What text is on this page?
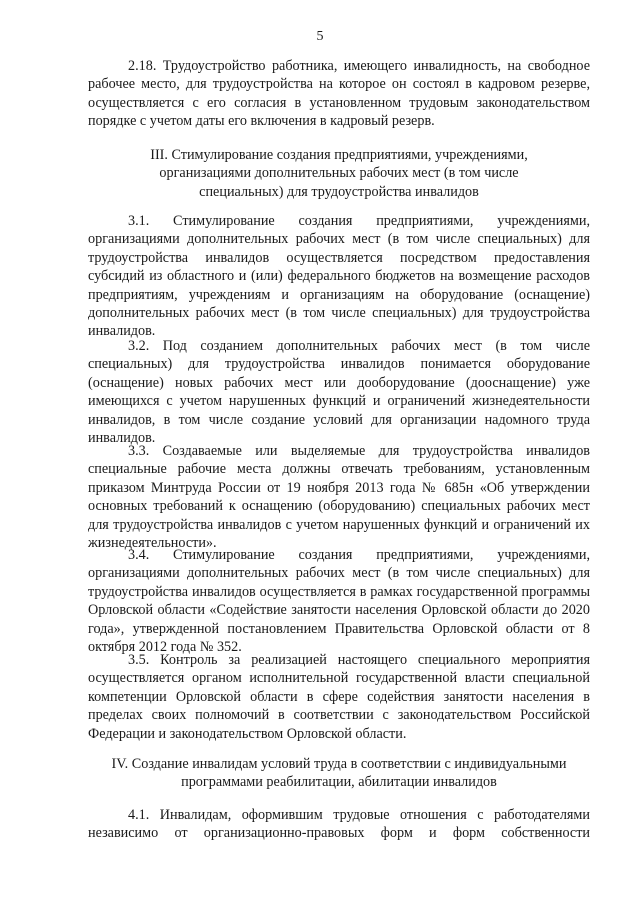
5

2.18. Трудоустройство работника, имеющего инвалидность, на свободное рабочее место, для трудоустройства на которое он состоял в кадровом резерве, осуществляется с его согласия в установленном трудовым законодательством порядке с учетом даты его включения в кадровый резерв.

III. Стимулирование создания предприятиями, учреждениями, организациями дополнительных рабочих мест (в том числе специальных) для трудоустройства инвалидов

3.1. Стимулирование создания предприятиями, учреждениями, организациями дополнительных рабочих мест (в том числе специальных) для трудоустройства инвалидов осуществляется посредством предоставления субсидий из областного и (или) федерального бюджетов на возмещение расходов предприятиям, учреждениям и организациям на оборудование (оснащение) дополнительных рабочих мест (в том числе специальных) для трудоустройства инвалидов.

3.2. Под созданием дополнительных рабочих мест (в том числе специальных) для трудоустройства инвалидов понимается оборудование (оснащение) новых рабочих мест или дооборудование (дооснащение) уже имеющихся с учетом нарушенных функций и ограничений жизнедеятельности инвалидов, в том числе создание условий для организации надомного труда инвалидов.

3.3. Создаваемые или выделяемые для трудоустройства инвалидов специальные рабочие места должны отвечать требованиям, установленным приказом Минтруда России от 19 ноября 2013 года № 685н «Об утверждении основных требований к оснащению (оборудованию) специальных рабочих мест для трудоустройства инвалидов с учетом нарушенных функций и ограничений их жизнедеятельности».

3.4. Стимулирование создания предприятиями, учреждениями, организациями дополнительных рабочих мест (в том числе специальных) для трудоустройства инвалидов осуществляется в рамках государственной программы Орловской области «Содействие занятости населения Орловской области до 2020 года», утвержденной постановлением Правительства Орловской области от 8 октября 2012 года № 352.

3.5. Контроль за реализацией настоящего специального мероприятия осуществляется органом исполнительной государственной власти специальной компетенции Орловской области в сфере содействия занятости населения в пределах своих полномочий в соответствии с законодательством Российской Федерации и законодательством Орловской области.

IV. Создание инвалидам условий труда в соответствии с индивидуальными программами реабилитации, абилитации инвалидов

4.1. Инвалидам, оформившим трудовые отношения с работодателями независимо от организационно-правовых форм и форм собственности
